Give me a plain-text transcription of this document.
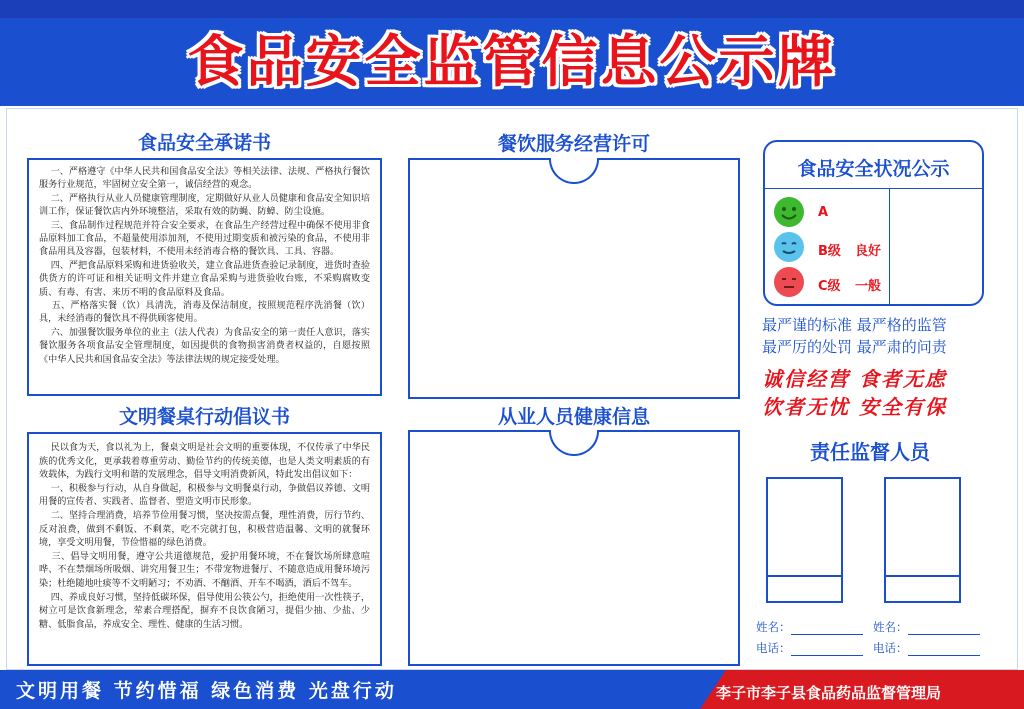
食品安全监管信息公示牌
食品安全承诺书
一、严格遵守《中华人民共和国食品安全法》等相关法律、法规、严格执行餐饮服务行业规范，牢固树立安全第一，诚信经营的观念。
二、严格执行从业人员健康管理制度，定期做好从业人员健康和食品安全知识培训工作，保证餐饮店内外环境整洁，采取有效的防蝇、防蟑、防尘设施。
三、食品制作过程规范并符合安全要求，在食品生产经营过程中确保不使用非食品原料加工食品，不超量使用添加剂，不使用过期变质和被污染的食品，不使用非食品用具及容器，包装材料，不使用未经消毒合格的餐饮具、工具、容器。
四、严把食品原料采购和进货验收关，建立食品进货查验记录制度，进货时查验供货方的许可证和相关证明文件并建立食品采购与进货验收台账，不采购腐败变质、有毒、有害、来历不明的食品原料及食品。
五、严格落实餐（饮）具清洗，消毒及保洁制度，按照规范程序洗消餐（饮）具，未经消毒的餐饮具不得供顾客使用。
六、加强餐饮服务单位的业主（法人代表）为食品安全的第一责任人意识，落实餐饮服务各项食品安全管理制度，如因提供的食物损害消费者权益的，自愿按照《中华人民共和国食品安全法》等法律法规的规定接受处理。
文明餐桌行动倡议书
民以食为天，食以礼为上，餐桌文明是社会文明的重要体现，不仅传承了中华民族的优秀文化，更承载着尊重劳动、勤俭节约的传统美德，也是人类文明素质的有效载体，为践行文明和谐的发展理念，倡导文明消费新风，特此发出倡议如下：
一、积极参与行动，从自身做起，积极参与文明餐桌行动，争做倡议养德、文明用餐的宣传者、实践者、监督者、塑造文明市民形象。
二、坚持合理消费，培养节俭用餐习惯，坚决按需点餐，理性消费，厉行节约、反对浪费，做到不剩饭、不剩菜，吃不完就打包，积极营造温馨、文明的就餐环境，享受文明用餐，节俭惜福的绿色消费。
三、倡导文明用餐，遵守公共道德规范，爱护用餐环境，不在餐饮场所肆意喧哗、不在禁烟场所吸烟、讲究用餐卫生；不带宠物进餐厅、不随意造成用餐环境污染；杜绝随地吐痰等不文明陋习；不劝酒、不酗酒、开车不喝酒，酒后不驾车。
四、养成良好习惯，坚持低碳环保，倡导使用公筷公勺，拒绝使用一次性筷子，树立可是饮食新理念，荤素合理搭配，摒弃不良饮食陋习，提倡少抽、少盐、少糖、低脂食品，养成安全、理性、健康的生活习惯。
餐饮服务经营许可
从业人员健康信息
食品安全状况公示
A
B级 良好
C级 一般
最严谨的标准 最严格的监管
最严厉的处罚 最严肃的问责
诚信经营 食者无虑
饮者无忧 安全有保
责任监督人员
姓名：
电话：
姓名：
电话：
文明用餐 节约惜福 绿色消费 光盘行动	李子市李子县食品药品监督管理局
